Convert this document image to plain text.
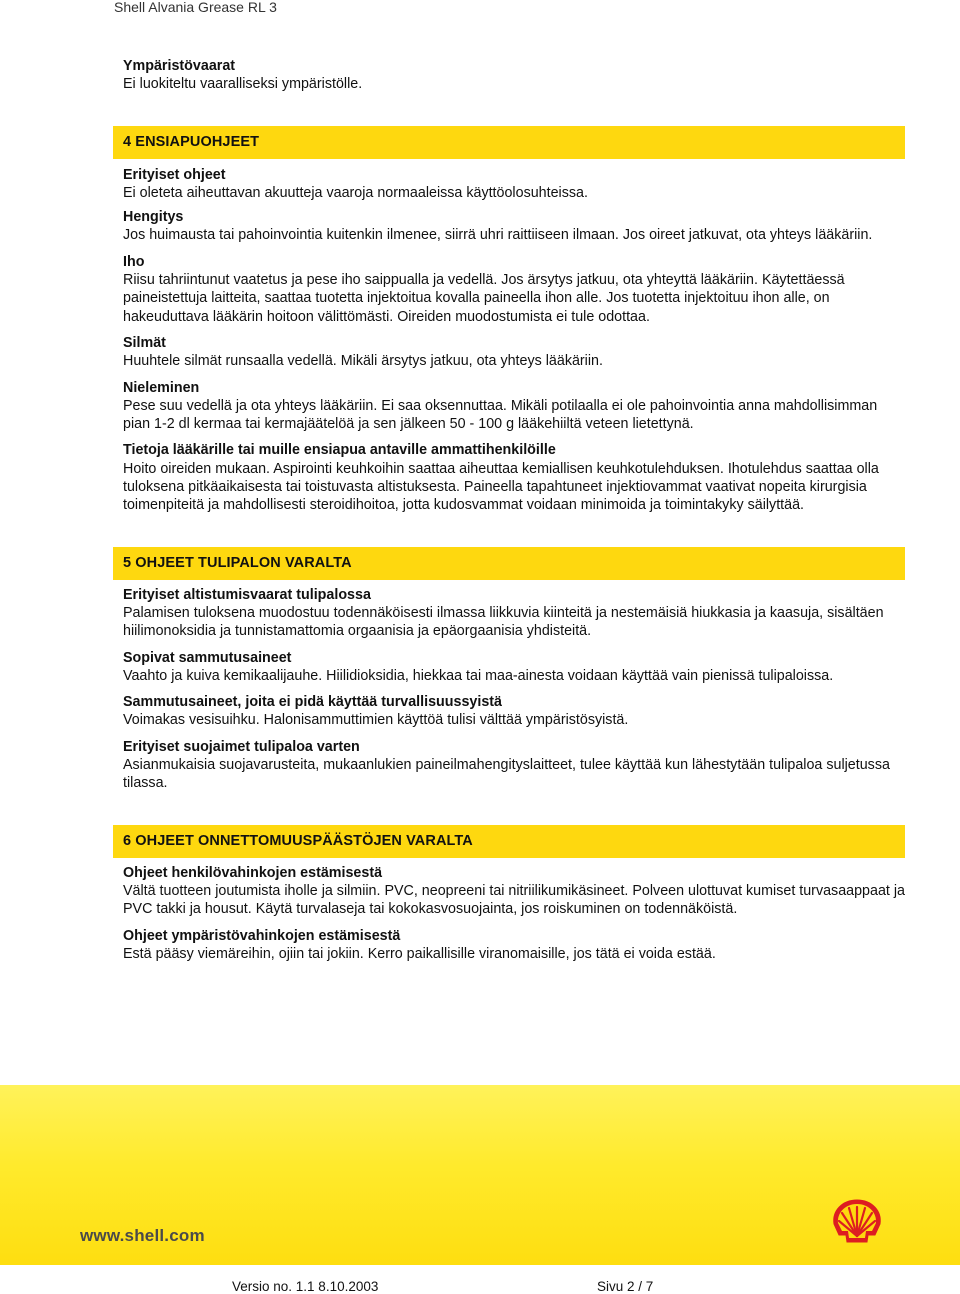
Shell Alvania Grease RL 3
Ympäristövaarat

Ei luokiteltu vaaralliseksi ympäristölle.

4 ENSIAPUOHJEET
Erityiset ohjeet

Ei oleteta aiheuttavan akuutteja vaaroja normaaleissa käyttöolosuhteissa.

Hengitys

Jos huimausta tai pahoinvointia kuitenkin ilmenee, siirrä uhri raittiiseen ilmaan. Jos oireet jatkuvat, ota yhteys lääkäriin.

Iho

Riisu tahriintunut vaatetus ja pese iho saippualla ja vedellä. Jos ärsytys jatkuu, ota yhteyttä lääkäriin. Käytettäessä paineistettuja laitteita, saattaa tuotetta injektoitua kovalla paineella ihon alle. Jos tuotetta injektoituu ihon alle, on hakeuduttava lääkärin hoitoon välittömästi. Oireiden muodostumista ei tule odottaa.

Silmät

Huuhtele silmät runsaalla vedellä. Mikäli ärsytys jatkuu, ota yhteys lääkäriin.

Nieleminen

Pese suu vedellä ja ota yhteys lääkäriin. Ei saa oksennuttaa. Mikäli potilaalla ei ole pahoinvointia anna mahdollisimman pian 1-2 dl kermaa tai kermajäätelöä ja sen jälkeen 50 - 100 g lääkehiiltä veteen lietettynä.

Tietoja lääkärille tai muille ensiapua antaville ammattihenkilöille

Hoito oireiden mukaan. Aspirointi keuhkoihin saattaa aiheuttaa kemiallisen keuhkotulehduksen. Ihotulehdus saattaa olla tuloksena pitkäaikaisesta tai toistuvasta altistuksesta. Paineella tapahtuneet injektiovammat vaativat nopeita kirurgisia toimenpiteitä ja mahdollisesti steroidihoitoa, jotta kudosvammat voidaan minimoida ja toimintakyky säilyttää.

5 OHJEET TULIPALON VARALTA
Erityiset altistumisvaarat tulipalossa

Palamisen tuloksena muodostuu todennäköisesti ilmassa liikkuvia kiinteitä ja nestemäisiä hiukkasia ja kaasuja, sisältäen hiilimonoksidia ja tunnistamattomia orgaanisia ja epäorgaanisia yhdisteitä.

Sopivat sammutusaineet

Vaahto ja kuiva kemikaalijauhe. Hiilidioksidia, hiekkaa tai maa-ainesta voidaan käyttää vain pienissä tulipaloissa.

Sammutusaineet, joita ei pidä käyttää turvallisuussyistä

Voimakas vesisuihku. Halonisammuttimien käyttöä tulisi välttää ympäristösyistä.

Erityiset suojaimet tulipaloa varten

Asianmukaisia suojavarusteita, mukaanlukien paineilmahengityslaitteet, tulee käyttää kun lähestytään tulipaloa suljetussa tilassa.

6 OHJEET ONNETTOMUUSPÄÄSTÖJEN VARALTA
Ohjeet henkilövahinkojen estämisestä

Vältä tuotteen joutumista iholle ja silmiin. PVC, neopreeni tai nitriilikumikäsineet. Polveen ulottuvat kumiset turvasaappaat ja PVC takki ja housut. Käytä turvalaseja tai kokokasvosuojainta, jos roiskuminen on todennäköistä.

Ohjeet ympäristövahinkojen estämisestä

Estä pääsy viemäreihin, ojiin tai jokiin. Kerro paikallisille viranomaisille, jos tätä ei voida estää.

www.shell.com
Versio no. 1.1 8.10.2003	Sivu 2 / 7
